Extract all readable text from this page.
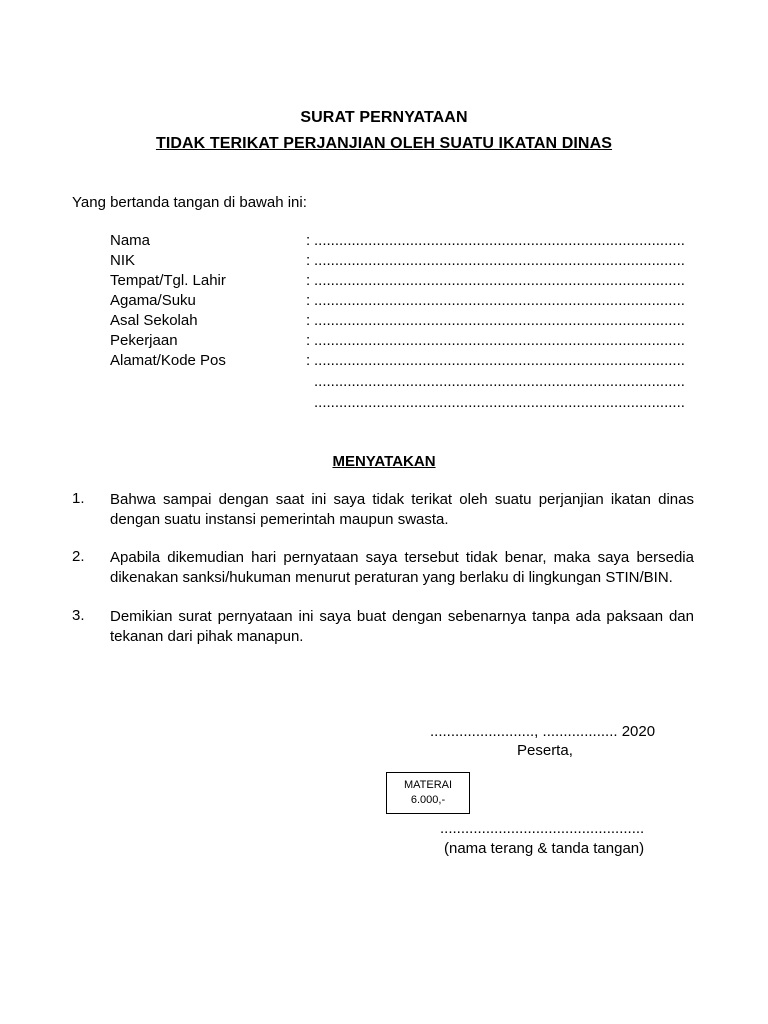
SURAT PERNYATAAN
TIDAK TERIKAT PERJANJIAN OLEH SUATU IKATAN DINAS
Yang bertanda tangan di bawah ini:
Nama	: .........................................................................................
NIK	: .........................................................................................
Tempat/Tgl. Lahir	: .........................................................................................
Agama/Suku	: .........................................................................................
Asal Sekolah	: .........................................................................................
Pekerjaan	: .........................................................................................
Alamat/Kode Pos	: .........................................................................................
.........................................................................................
.........................................................................................
MENYATAKAN
1. Bahwa sampai dengan saat ini saya tidak terikat oleh suatu perjanjian ikatan dinas dengan suatu instansi pemerintah maupun swasta.
2. Apabila dikemudian hari pernyataan saya tersebut tidak benar, maka saya bersedia dikenakan sanksi/hukuman menurut peraturan yang berlaku di lingkungan STIN/BIN.
3. Demikian surat pernyataan ini saya buat dengan sebenarnya tanpa ada paksaan dan tekanan dari pihak manapun.
........................., .................. 2020
Peserta,
MATERAI
6.000,-
.................................................
(nama terang & tanda tangan)
